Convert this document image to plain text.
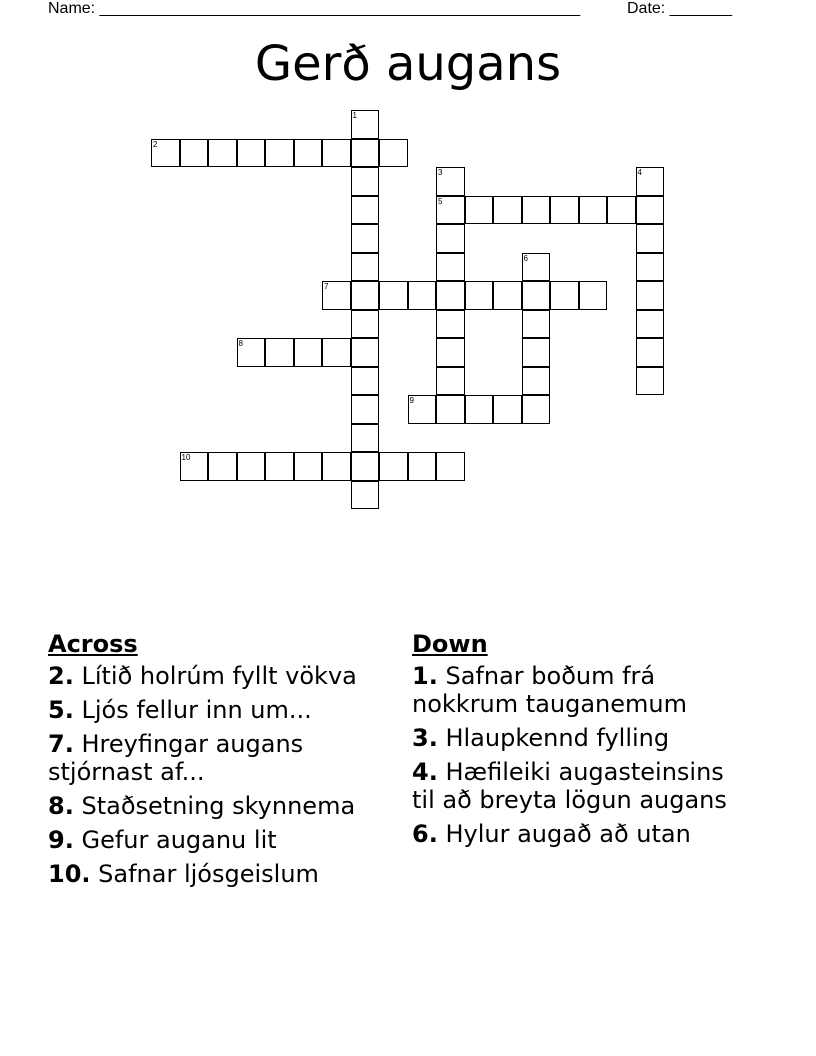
Name: ______________________________________________________	Date: _______
Gerð augans
1
2
3
5
4
6
7
8
9
10
Across
2. Lítið holrúm fyllt vökva
5. Ljós fellur inn um...
7. Hreyfingar augans stjórnast af...
8. Staðsetning skynnema
9. Gefur auganu lit
10. Safnar ljósgeislum
Down
1. Safnar boðum frá nokkrum tauganemum
3. Hlaupkennd fylling
4. Hæfileiki augasteinsins til að breyta lögun augans
6. Hylur augað að utan
